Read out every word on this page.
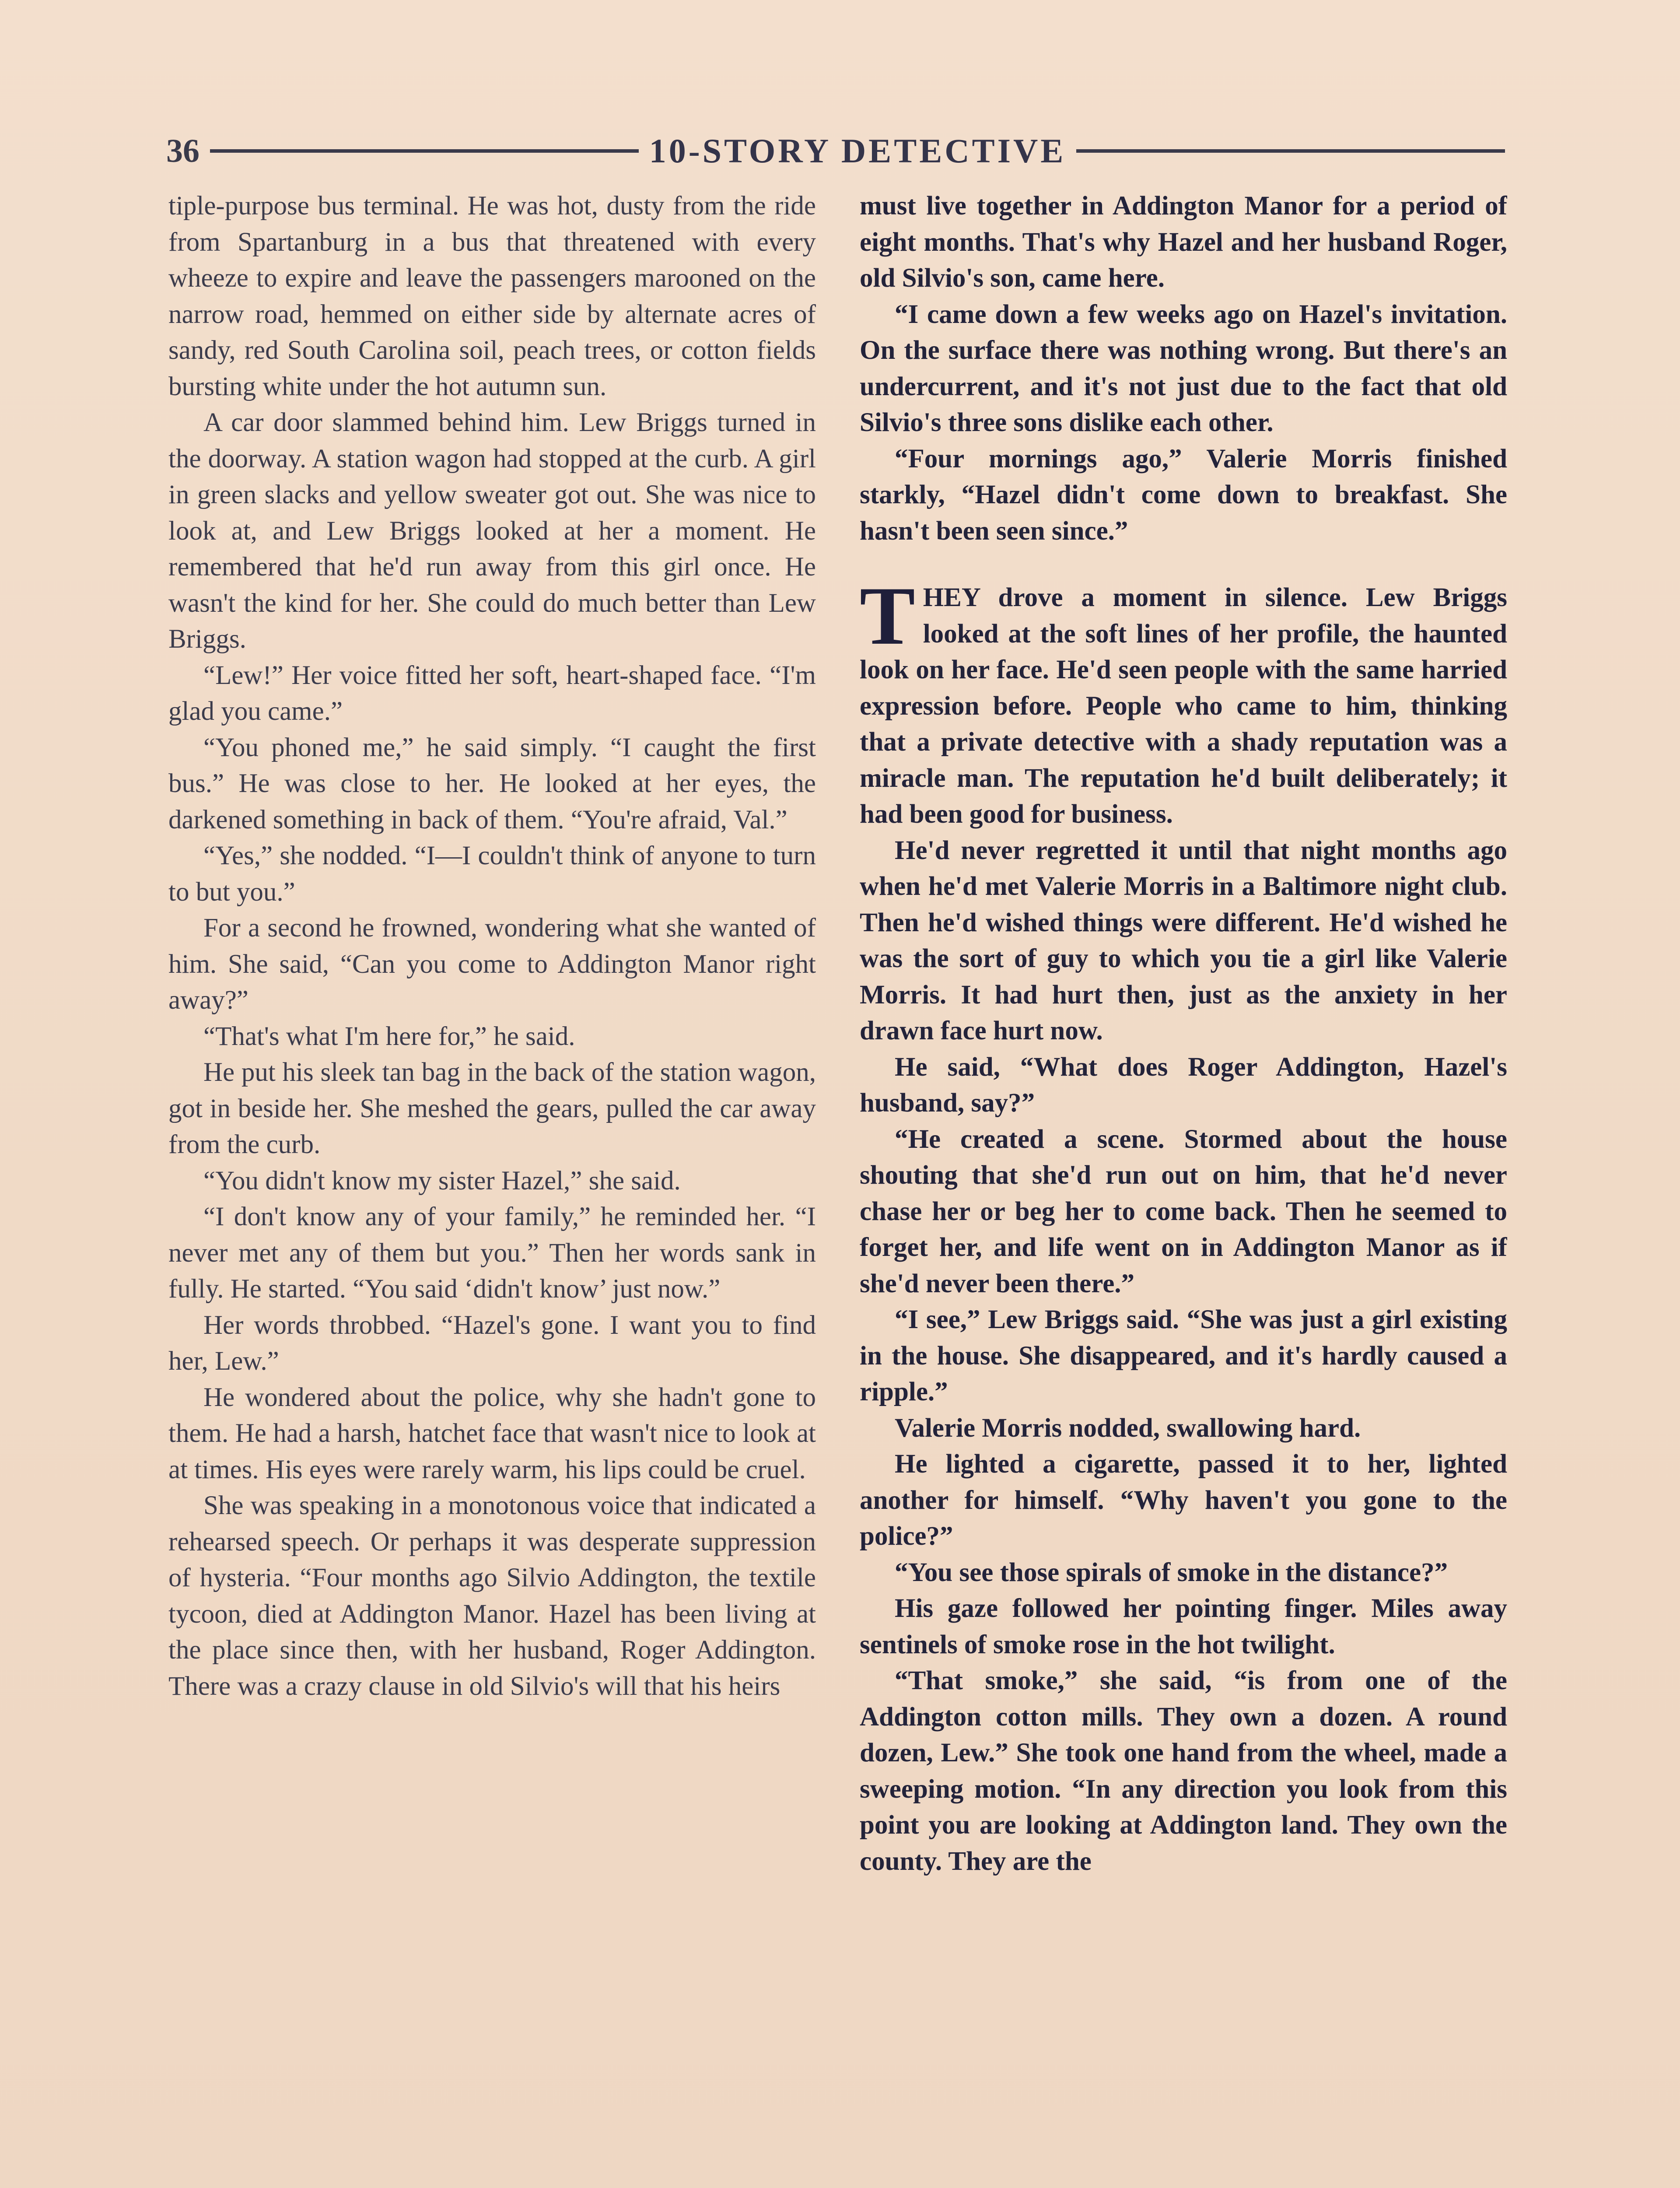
36	10-STORY DETECTIVE

tiple-purpose bus terminal. He was hot, dusty from the ride from Spartanburg in a bus that threatened with every wheeze to expire and leave the passengers marooned on the narrow road, hemmed on either side by alternate acres of sandy, red South Carolina soil, peach trees, or cotton fields bursting white under the hot autumn sun.

A car door slammed behind him. Lew Briggs turned in the doorway. A station wagon had stopped at the curb. A girl in green slacks and yellow sweater got out. She was nice to look at, and Lew Briggs looked at her a moment. He remembered that he'd run away from this girl once. He wasn't the kind for her. She could do much better than Lew Briggs.

“Lew!” Her voice fitted her soft, heart-shaped face. “I'm glad you came.”

“You phoned me,” he said simply. “I caught the first bus.” He was close to her. He looked at her eyes, the darkened something in back of them. “You're afraid, Val.”

“Yes,” she nodded. “I—I couldn't think of anyone to turn to but you.”

For a second he frowned, wondering what she wanted of him. She said, “Can you come to Addington Manor right away?”

“That's what I'm here for,” he said.

He put his sleek tan bag in the back of the station wagon, got in beside her. She meshed the gears, pulled the car away from the curb.

“You didn't know my sister Hazel,” she said.

“I don't know any of your family,” he reminded her. “I never met any of them but you.” Then her words sank in fully. He started. “You said ‘didn't know’ just now.”

Her words throbbed. “Hazel's gone. I want you to find her, Lew.”

He wondered about the police, why she hadn't gone to them. He had a harsh, hatchet face that wasn't nice to look at at times. His eyes were rarely warm, his lips could be cruel.

She was speaking in a monotonous voice that indicated a rehearsed speech. Or perhaps it was desperate suppression of hysteria. “Four months ago Silvio Addington, the textile tycoon, died at Addington Manor. Hazel has been living at the place since then, with her husband, Roger Addington. There was a crazy clause in old Silvio's will that his heirs

must live together in Addington Manor for a period of eight months. That's why Hazel and her husband Roger, old Silvio's son, came here.

“I came down a few weeks ago on Hazel's invitation. On the surface there was nothing wrong. But there's an undercurrent, and it's not just due to the fact that old Silvio's three sons dislike each other.

“Four mornings ago,” Valerie Morris finished starkly, “Hazel didn't come down to breakfast. She hasn't been seen since.”

THEY drove a moment in silence. Lew Briggs looked at the soft lines of her profile, the haunted look on her face. He'd seen people with the same harried expression before. People who came to him, thinking that a private detective with a shady reputation was a miracle man. The reputation he'd built deliberately; it had been good for business.

He'd never regretted it until that night months ago when he'd met Valerie Morris in a Baltimore night club. Then he'd wished things were different. He'd wished he was the sort of guy to which you tie a girl like Valerie Morris. It had hurt then, just as the anxiety in her drawn face hurt now.

He said, “What does Roger Addington, Hazel's husband, say?”

“He created a scene. Stormed about the house shouting that she'd run out on him, that he'd never chase her or beg her to come back. Then he seemed to forget her, and life went on in Addington Manor as if she'd never been there.”

“I see,” Lew Briggs said. “She was just a girl existing in the house. She disappeared, and it's hardly caused a ripple.”

Valerie Morris nodded, swallowing hard.

He lighted a cigarette, passed it to her, lighted another for himself. “Why haven't you gone to the police?”

“You see those spirals of smoke in the distance?”

His gaze followed her pointing finger. Miles away sentinels of smoke rose in the hot twilight.

“That smoke,” she said, “is from one of the Addington cotton mills. They own a dozen. A round dozen, Lew.” She took one hand from the wheel, made a sweeping motion. “In any direction you look from this point you are looking at Addington land. They own the county. They are the
